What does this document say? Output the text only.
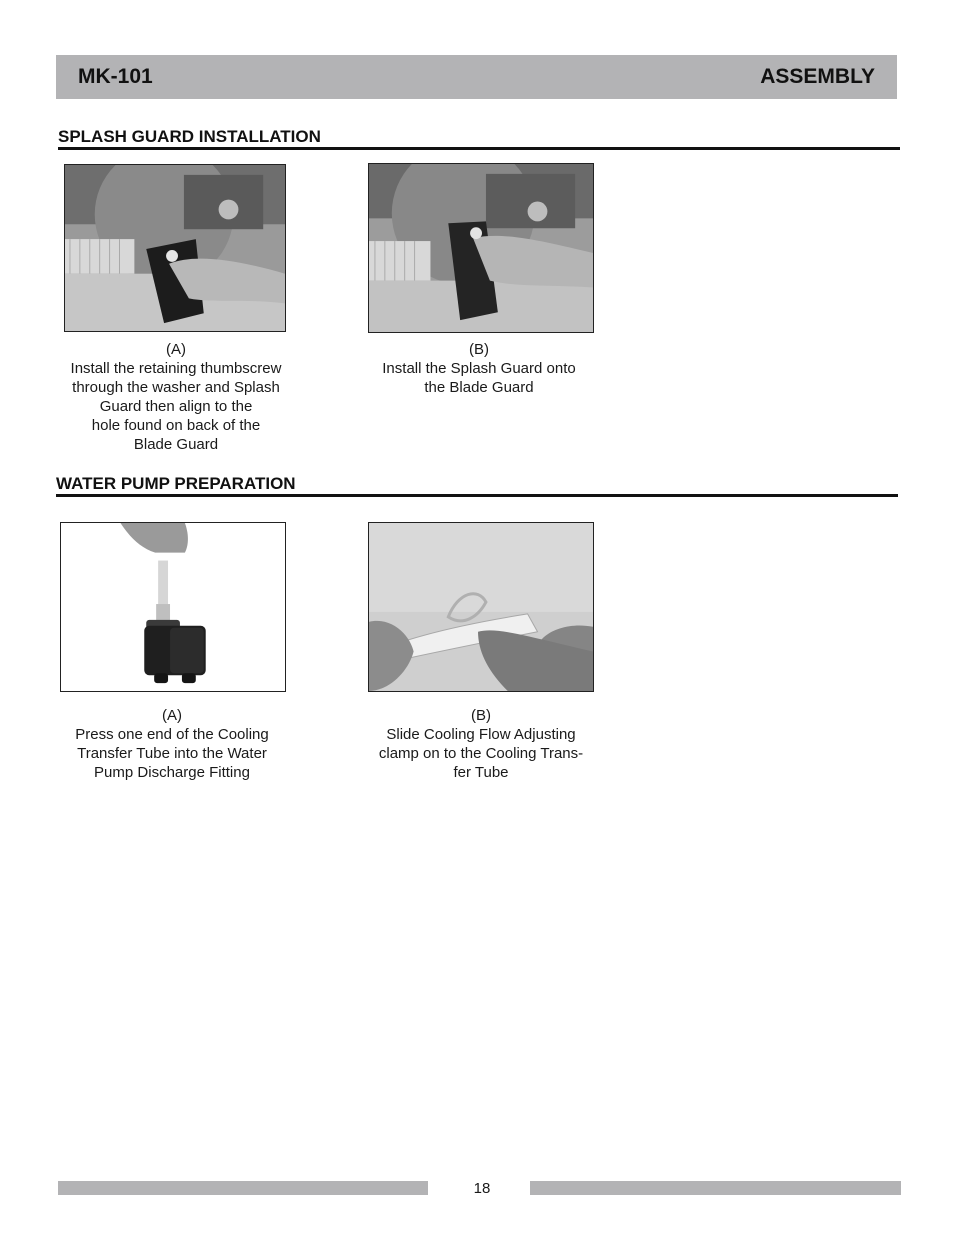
MK-101	ASSEMBLY
SPLASH GUARD INSTALLATION
(A)
Install the retaining thumbscrew
through the washer and Splash
Guard then align to the
hole found on back of the
Blade Guard
(B)
Install the Splash Guard onto
the Blade Guard
WATER PUMP PREPARATION
(A)
Press one end of the Cooling
Transfer Tube into the Water
Pump Discharge Fitting
(B)
Slide Cooling Flow Adjusting
clamp on to the Cooling Trans-
fer Tube
18
